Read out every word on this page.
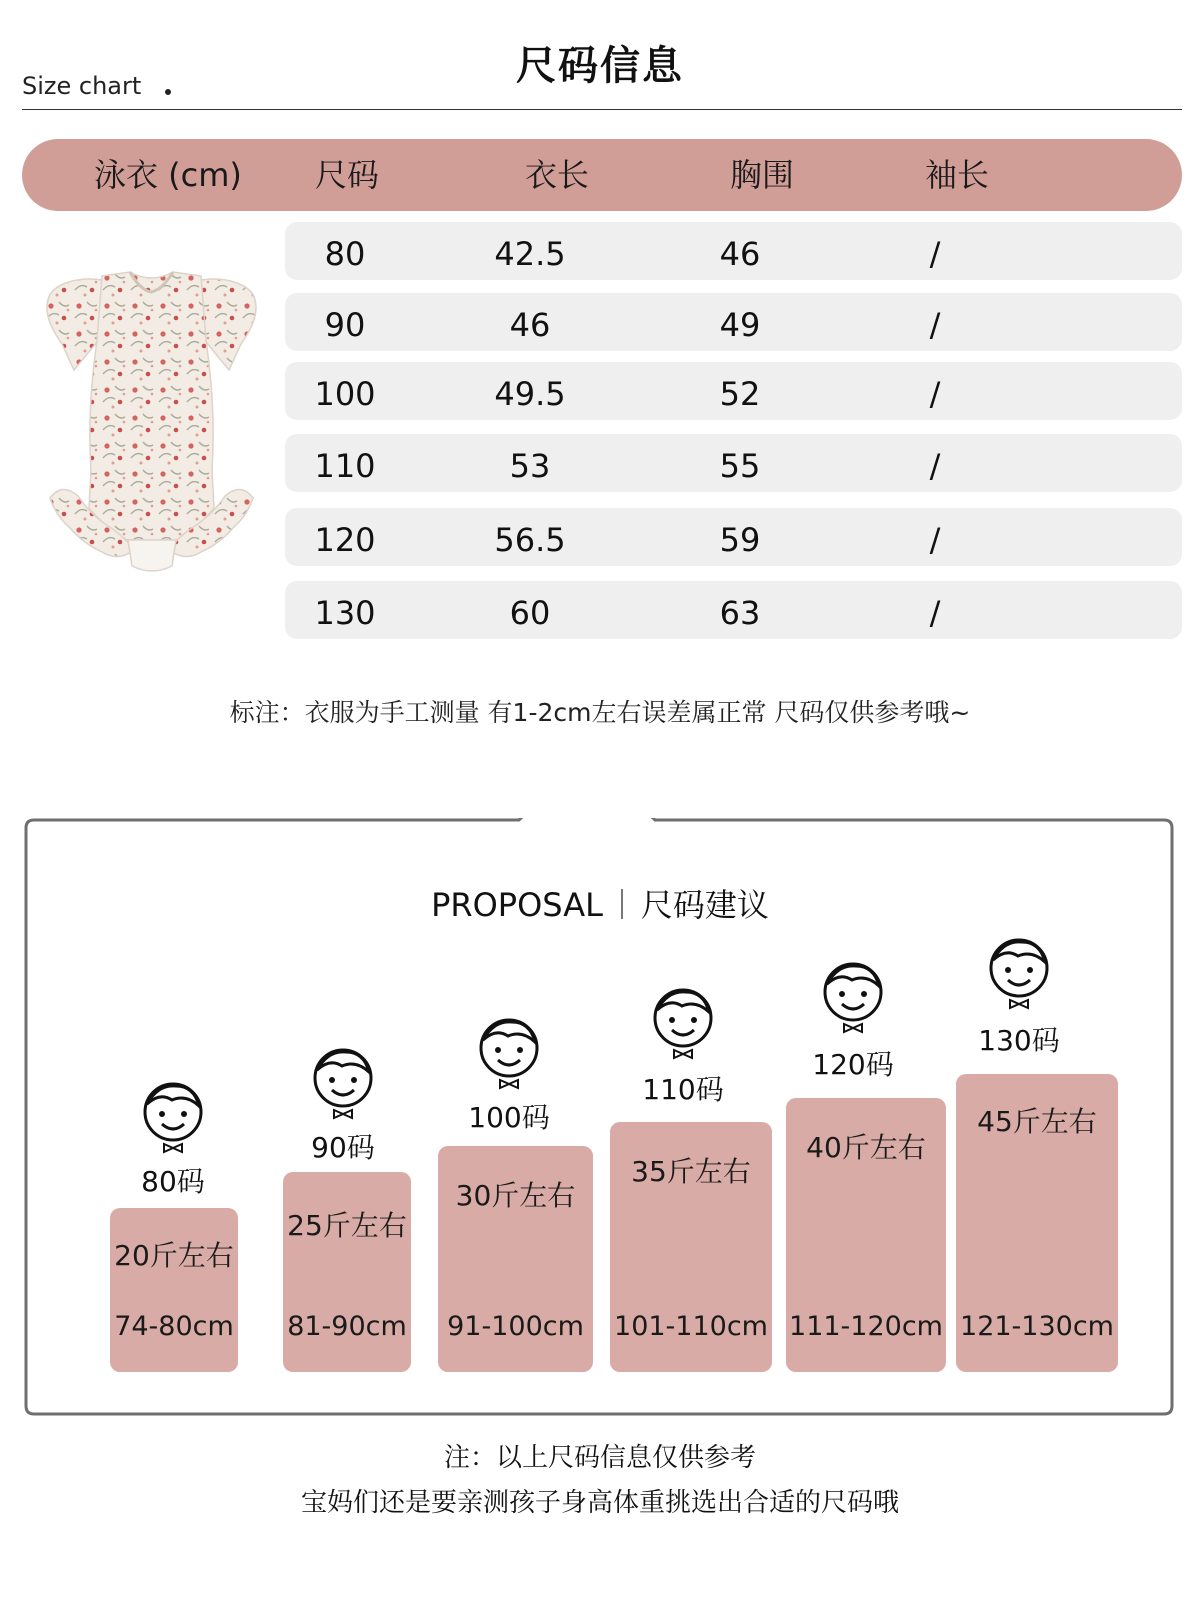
尺码信息
Size chart
泳衣 (cm)	尺码	衣长	胸围	袖长
80	42.5	46	/
90	46	49	/
100	49.5	52	/
110	53	55	/
120	56.5	59	/
130	60	63	/
标注：衣服为手工测量 有1-2cm左右误差属正常 尺码仅供参考哦~
PROPOSAL 尺码建议
80码
20斤左右
74-80cm
90码
25斤左右
81-90cm
100码
30斤左右
91-100cm
110码
35斤左右
101-110cm
120码
40斤左右
111-120cm
130码
45斤左右
121-130cm
注：以上尺码信息仅供参考
宝妈们还是要亲测孩子身高体重挑选出合适的尺码哦
